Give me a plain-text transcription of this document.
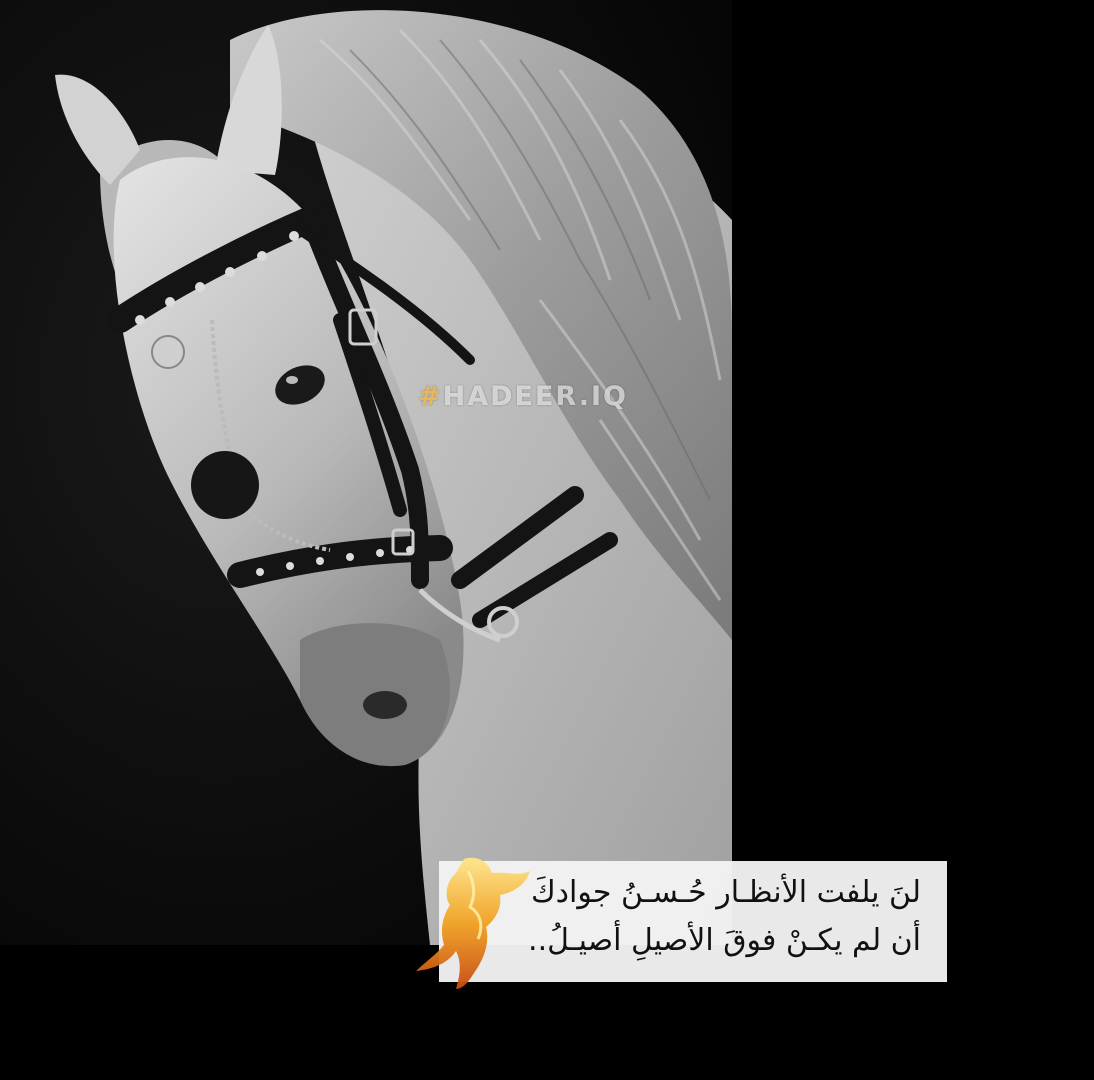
#HADEER.IQ
لنَ يلفت الأنظـار حُـسـنُ جوادكَ
أن لم يكـنْ فوقَ الأصيلِ أصيـلُ..
